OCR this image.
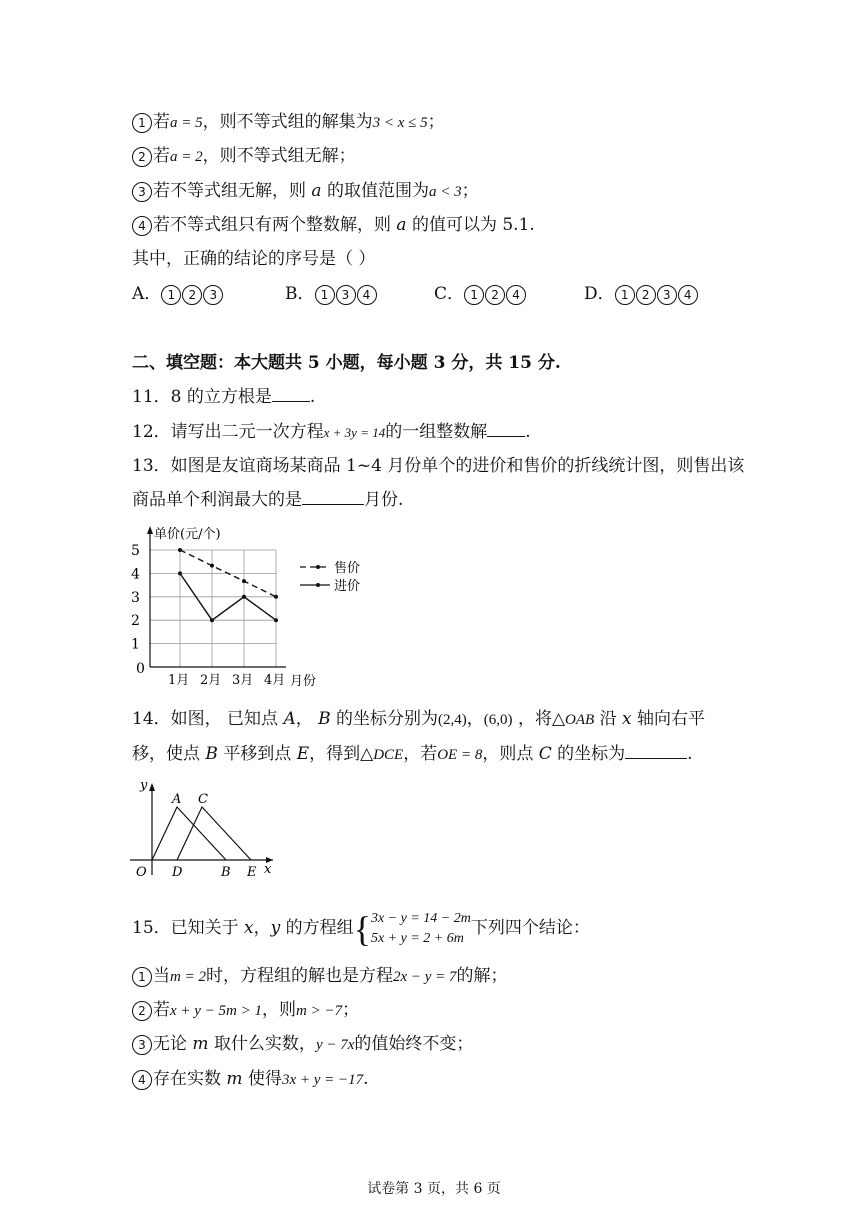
1 若a = 5，则不等式组的解集为3 < x ≤ 5；
2 若a = 2，则不等式组无解；
3 若不等式组无解，则 a 的取值范围为a < 3；
4 若不等式组只有两个整数解，则 a 的值可以为 5.1.
其中，正确的结论的序号是（ ）
A． 1 2 3	B． 1 3 4	C． 1 2 4	D． 1 2 3 4
二、填空题：本大题共 5 小题，每小题 3 分，共 15 分.
11．8 的立方根是 .
12．请写出二元一次方程x + 3y = 14的一组整数解 .
13．如图是友谊商场某商品 1~4 月份单个的进价和售价的折线统计图，则售出该
商品单个利润最大的是	月份.
1
2
3
4
5
0
1月 2月 3月 4月 月份
单价(元/个)
售价
进价
14．如图， 已知点 A， B 的坐标分别为(2,4)，(6,0) ，将△OAB 沿 x 轴向右平
移，使点 B 平移到点 E，得到△DCE，若OE = 8，则点 C 的坐标为	.
y
x
O D	B E
A C
15．已知关于 x，y 的方程组{ 3x − y = 14 − 2m
5x + y = 2 + 6m 下列四个结论：
1 当m = 2时，方程组的解也是方程2x − y = 7的解；
2 若x + y − 5m > 1，则m > −7；
3 无论 m 取什么实数，y − 7x的值始终不变；
4 存在实数 m 使得3x + y = −17.
试卷第 3 页，共 6 页
